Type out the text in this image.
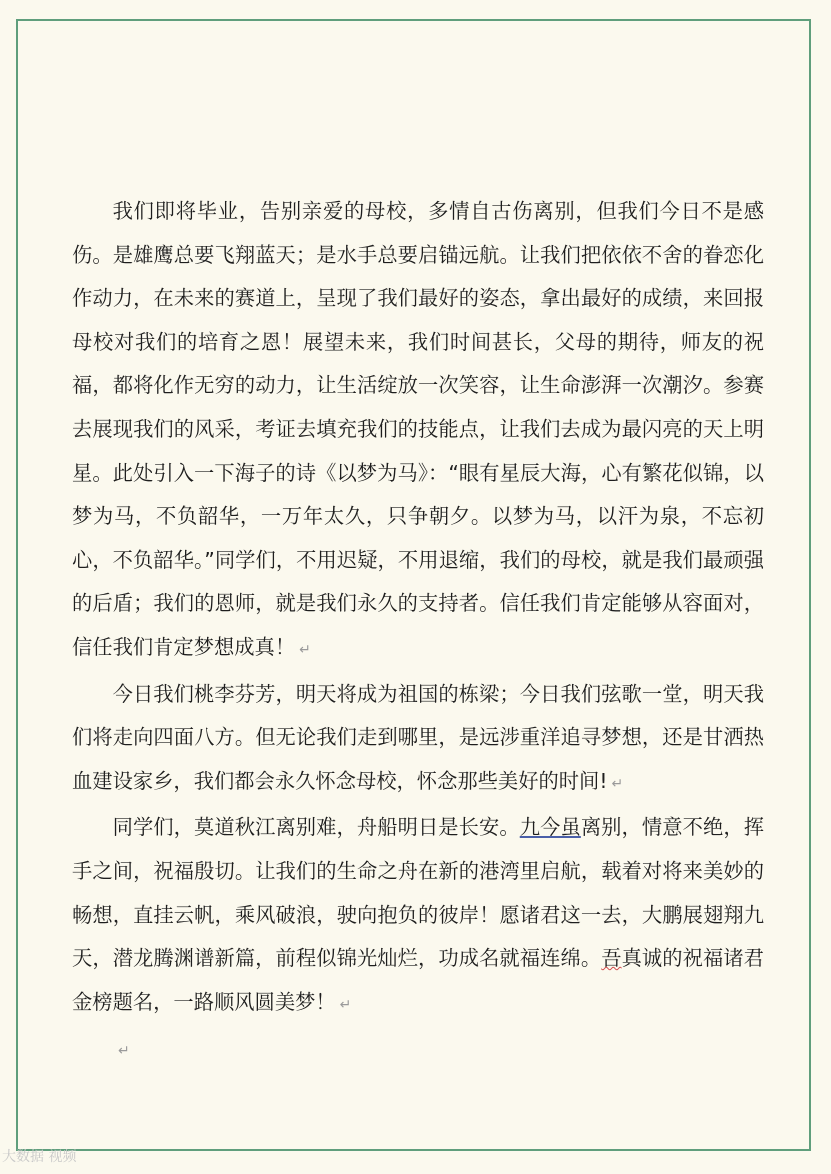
我们即将毕业，告别亲爱的母校，多情自古伤离别，但我们今日不是感伤。是雄鹰总要飞翔蓝天；是水手总要启锚远航。让我们把依依不舍的眷恋化作动力，在未来的赛道上，呈现了我们最好的姿态，拿出最好的成绩，来回报母校对我们的培育之恩！展望未来，我们时间甚长，父母的期待，师友的祝福，都将化作无穷的动力，让生活绽放一次笑容，让生命澎湃一次潮汐。参赛去展现我们的风采，考证去填充我们的技能点，让我们去成为最闪亮的天上明星。此处引入一下海子的诗《以梦为马》：“眼有星辰大海，心有繁花似锦，以梦为马，不负韶华，一万年太久，只争朝夕。以梦为马，以汗为泉，不忘初心，不负韶华。”同学们，不用迟疑，不用退缩，我们的母校，就是我们最顽强的后盾；我们的恩师，就是我们永久的支持者。信任我们肯定能够从容面对，信任我们肯定梦想成真！ ↵

今日我们桃李芬芳，明天将成为祖国的栋梁；今日我们弦歌一堂，明天我们将走向四面八方。但无论我们走到哪里，是远涉重洋追寻梦想，还是甘洒热血建设家乡，我们都会永久怀念母校，怀念那些美好的时间! ↵

同学们，莫道秋江离别难，舟船明日是长安。九今虽离别，情意不绝，挥手之间，祝福殷切。让我们的生命之舟在新的港湾里启航，载着对将来美妙的畅想，直挂云帆，乘风破浪，驶向抱负的彼岸！愿诸君这一去，大鹏展翅翔九天，潜龙腾渊谱新篇，前程似锦光灿烂，功成名就福连绵。吾真诚的祝福诸君金榜题名，一路顺风圆美梦！ ↵

↵

大数据 视频
